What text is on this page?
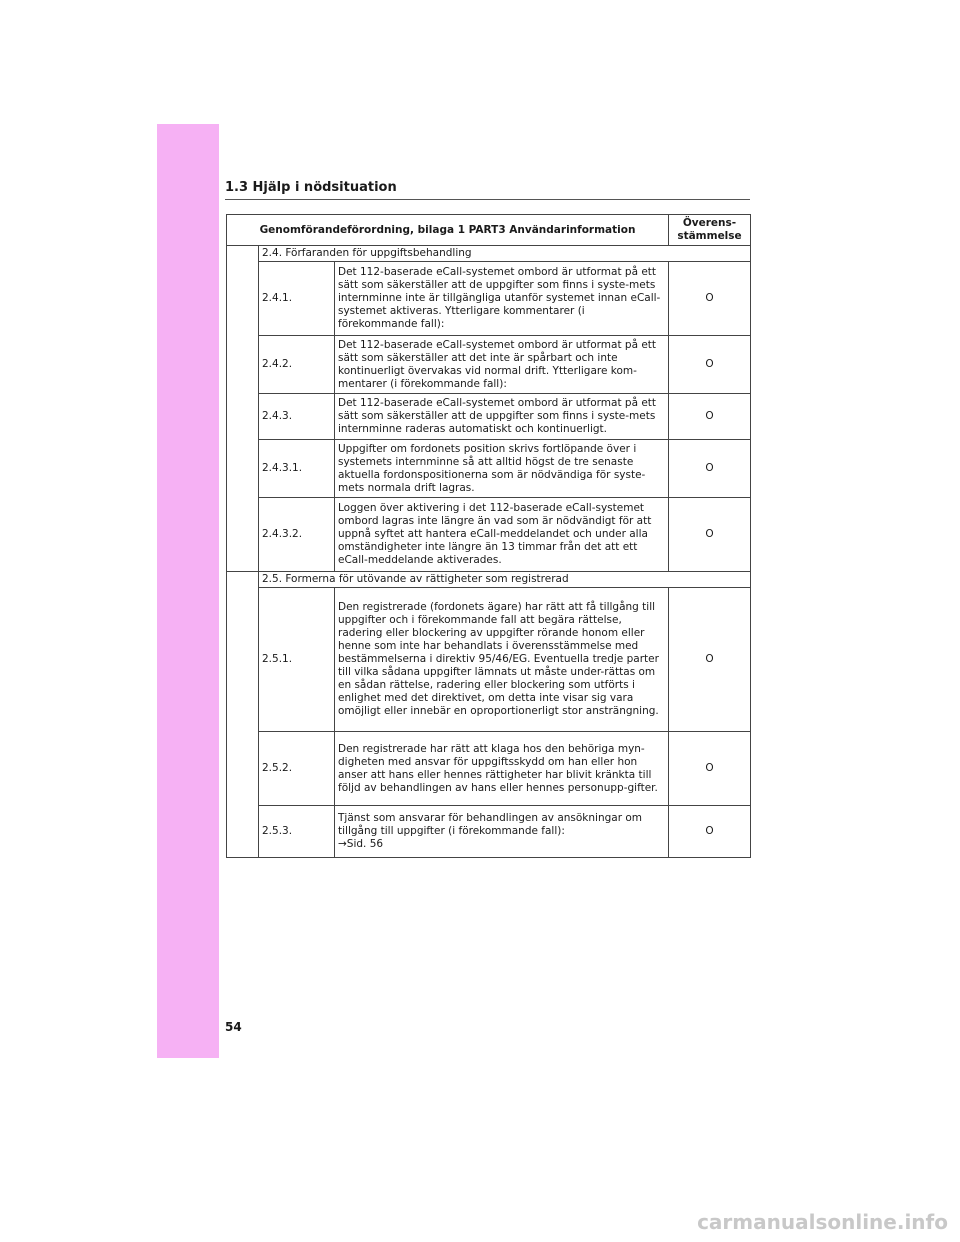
1.3 Hjälp i nödsituation
Genomförandeförordning, bilaga 1 PART3 Användarinformation			Överens-
stämmelse
	2.4. Förfaranden för uppgiftsbehandling		
	2.4.1.	Det 112-baserade eCall-systemet ombord är utformat på ett sätt som säkerställer att de uppgifter som finns i syste-mets internminne inte är tillgängliga utanför systemet innan eCall-systemet aktiveras. Ytterligare kommentarer (i förekommande fall):	O
	2.4.2.	Det 112-baserade eCall-systemet ombord är utformat på ett sätt som säkerställer att det inte är spårbart och inte kontinuerligt övervakas vid normal drift. Ytterligare kom-mentarer (i förekommande fall):	O
	2.4.3.	Det 112-baserade eCall-systemet ombord är utformat på ett sätt som säkerställer att de uppgifter som finns i syste-mets internminne raderas automatiskt och kontinuerligt.	O
	2.4.3.1.	Uppgifter om fordonets position skrivs fortlöpande över i systemets internminne så att alltid högst de tre senaste aktuella fordonspositionerna som är nödvändiga för syste-mets normala drift lagras.	O
	2.4.3.2.	Loggen över aktivering i det 112-baserade eCall-systemet ombord lagras inte längre än vad som är nödvändigt för att uppnå syftet att hantera eCall-meddelandet och under alla omständigheter inte längre än 13 timmar från det att ett eCall-meddelande aktiverades.	O
	2.5. Formerna för utövande av rättigheter som registrerad		
	2.5.1.	Den registrerade (fordonets ägare) har rätt att få tillgång till uppgifter och i förekommande fall att begära rättelse, radering eller blockering av uppgifter rörande honom eller henne som inte har behandlats i överensstämmelse med bestämmelserna i direktiv 95/46/EG. Eventuella tredje parter till vilka sådana uppgifter lämnats ut måste under-rättas om en sådan rättelse, radering eller blockering som utförts i enlighet med det direktivet, om detta inte visar sig vara omöjligt eller innebär en oproportionerligt stor ansträngning.	O
	2.5.2.	Den registrerade har rätt att klaga hos den behöriga myn-digheten med ansvar för uppgiftsskydd om han eller hon anser att hans eller hennes rättigheter har blivit kränkta till följd av behandlingen av hans eller hennes personupp-gifter.	O
	2.5.3.	Tjänst som ansvarar för behandlingen av ansökningar om tillgång till uppgifter (i förekommande fall):
→Sid. 56	O
54
carmanualsonline.info
